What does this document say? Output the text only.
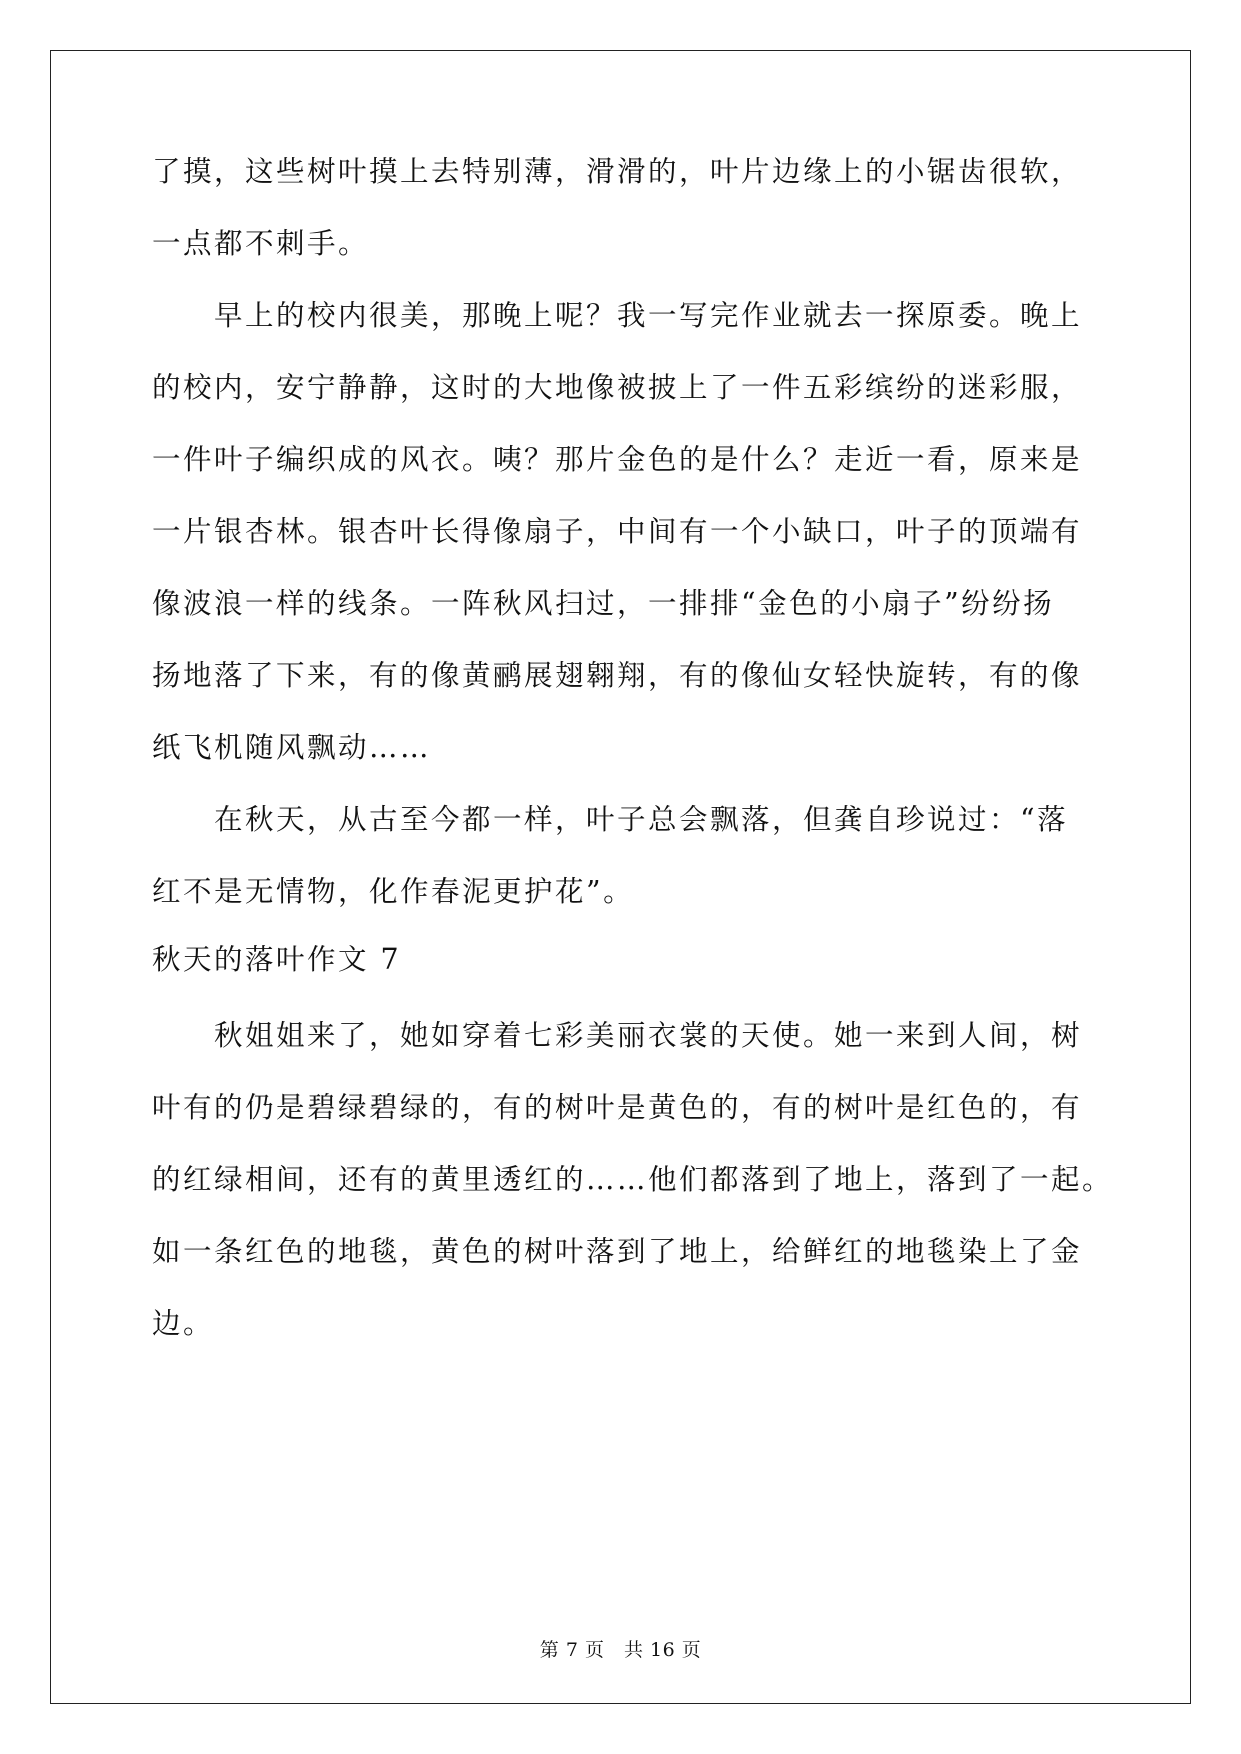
了摸，这些树叶摸上去特别薄，滑滑的，叶片边缘上的小锯齿很软，
一点都不刺手。
　　早上的校内很美，那晚上呢？我一写完作业就去一探原委。晚上
的校内，安宁静静，这时的大地像被披上了一件五彩缤纷的迷彩服，
一件叶子编织成的风衣。咦？那片金色的是什么？走近一看，原来是
一片银杏林。银杏叶长得像扇子，中间有一个小缺口，叶子的顶端有
像波浪一样的线条。一阵秋风扫过，一排排“金色的小扇子”纷纷扬
扬地落了下来，有的像黄鹂展翅翱翔，有的像仙女轻快旋转，有的像
纸飞机随风飘动……
　　在秋天，从古至今都一样，叶子总会飘落，但龚自珍说过：“落
红不是无情物，化作春泥更护花”。
秋天的落叶作文 7
　　秋姐姐来了，她如穿着七彩美丽衣裳的天使。她一来到人间，树
叶有的仍是碧绿碧绿的，有的树叶是黄色的，有的树叶是红色的，有
的红绿相间，还有的黄里透红的……他们都落到了地上，落到了一起。
如一条红色的地毯，黄色的树叶落到了地上，给鲜红的地毯染上了金
边。
第 7 页　共 16 页
